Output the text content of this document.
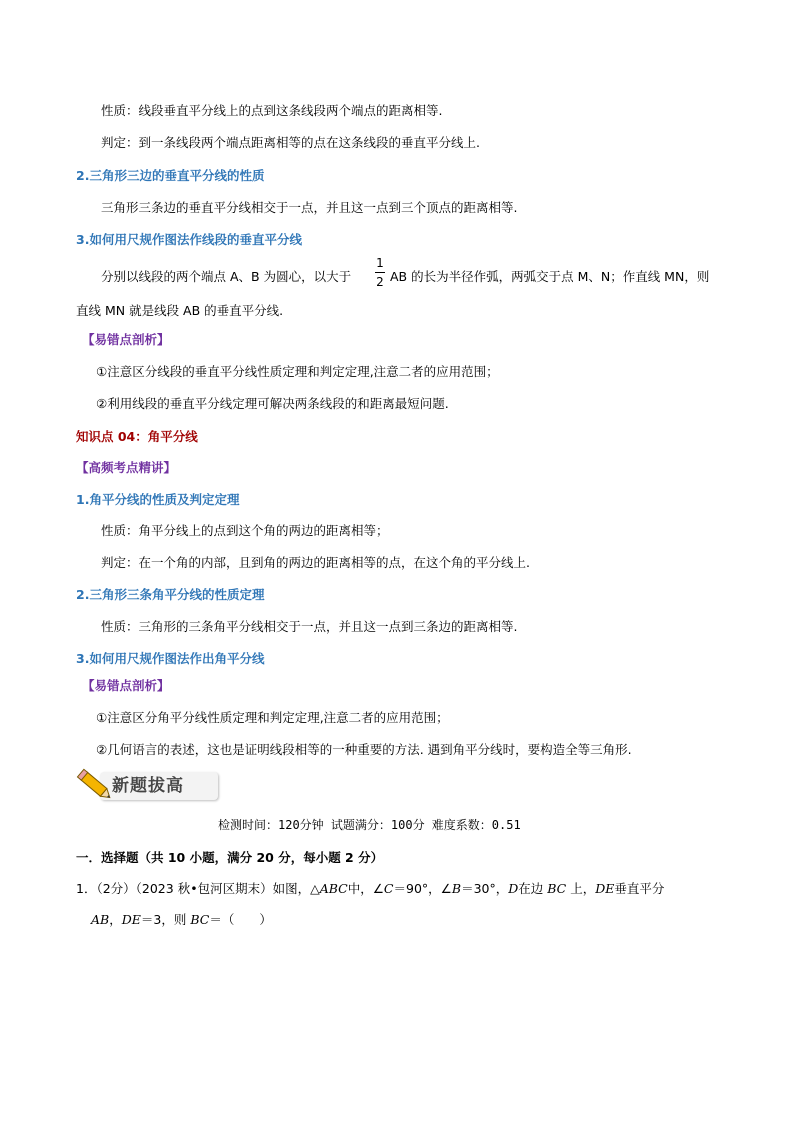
性质：线段垂直平分线上的点到这条线段两个端点的距离相等.
判定：到一条线段两个端点距离相等的点在这条线段的垂直平分线上.
2.三角形三边的垂直平分线的性质
三角形三条边的垂直平分线相交于一点，并且这一点到三个顶点的距离相等.
3.如何用尺规作图法作线段的垂直平分线
分别以线段的两个端点 A、B 为圆心，以大于
1
2 AB 的长为半径作弧，两弧交于点 M、N；作直线 MN，则
直线 MN 就是线段 AB 的垂直平分线.
【易错点剖析】
①注意区分线段的垂直平分线性质定理和判定定理,注意二者的应用范围；
②利用线段的垂直平分线定理可解决两条线段的和距离最短问题.
知识点 04：角平分线
【高频考点精讲】
1.角平分线的性质及判定定理
性质：角平分线上的点到这个角的两边的距离相等；
判定：在一个角的内部，且到角的两边的距离相等的点，在这个角的平分线上.
2.三角形三条角平分线的性质定理
性质：三角形的三条角平分线相交于一点，并且这一点到三条边的距离相等.
3.如何用尺规作图法作出角平分线
【易错点剖析】
①注意区分角平分线性质定理和判定定理,注意二者的应用范围；
②几何语言的表述，这也是证明线段相等的一种重要的方法. 遇到角平分线时，要构造全等三角形.
新题拔高
检测时间：120分钟 试题满分：100分 难度系数：0.51
一．选择题（共 10 小题，满分 20 分，每小题 2 分）
1．（2分）（2023 秋•包河区期末）如图，△ABC中，∠C＝90°，∠B＝30°，D在边 BC 上，DE垂直平分
AB，DE＝3，则 BC＝（　　）
